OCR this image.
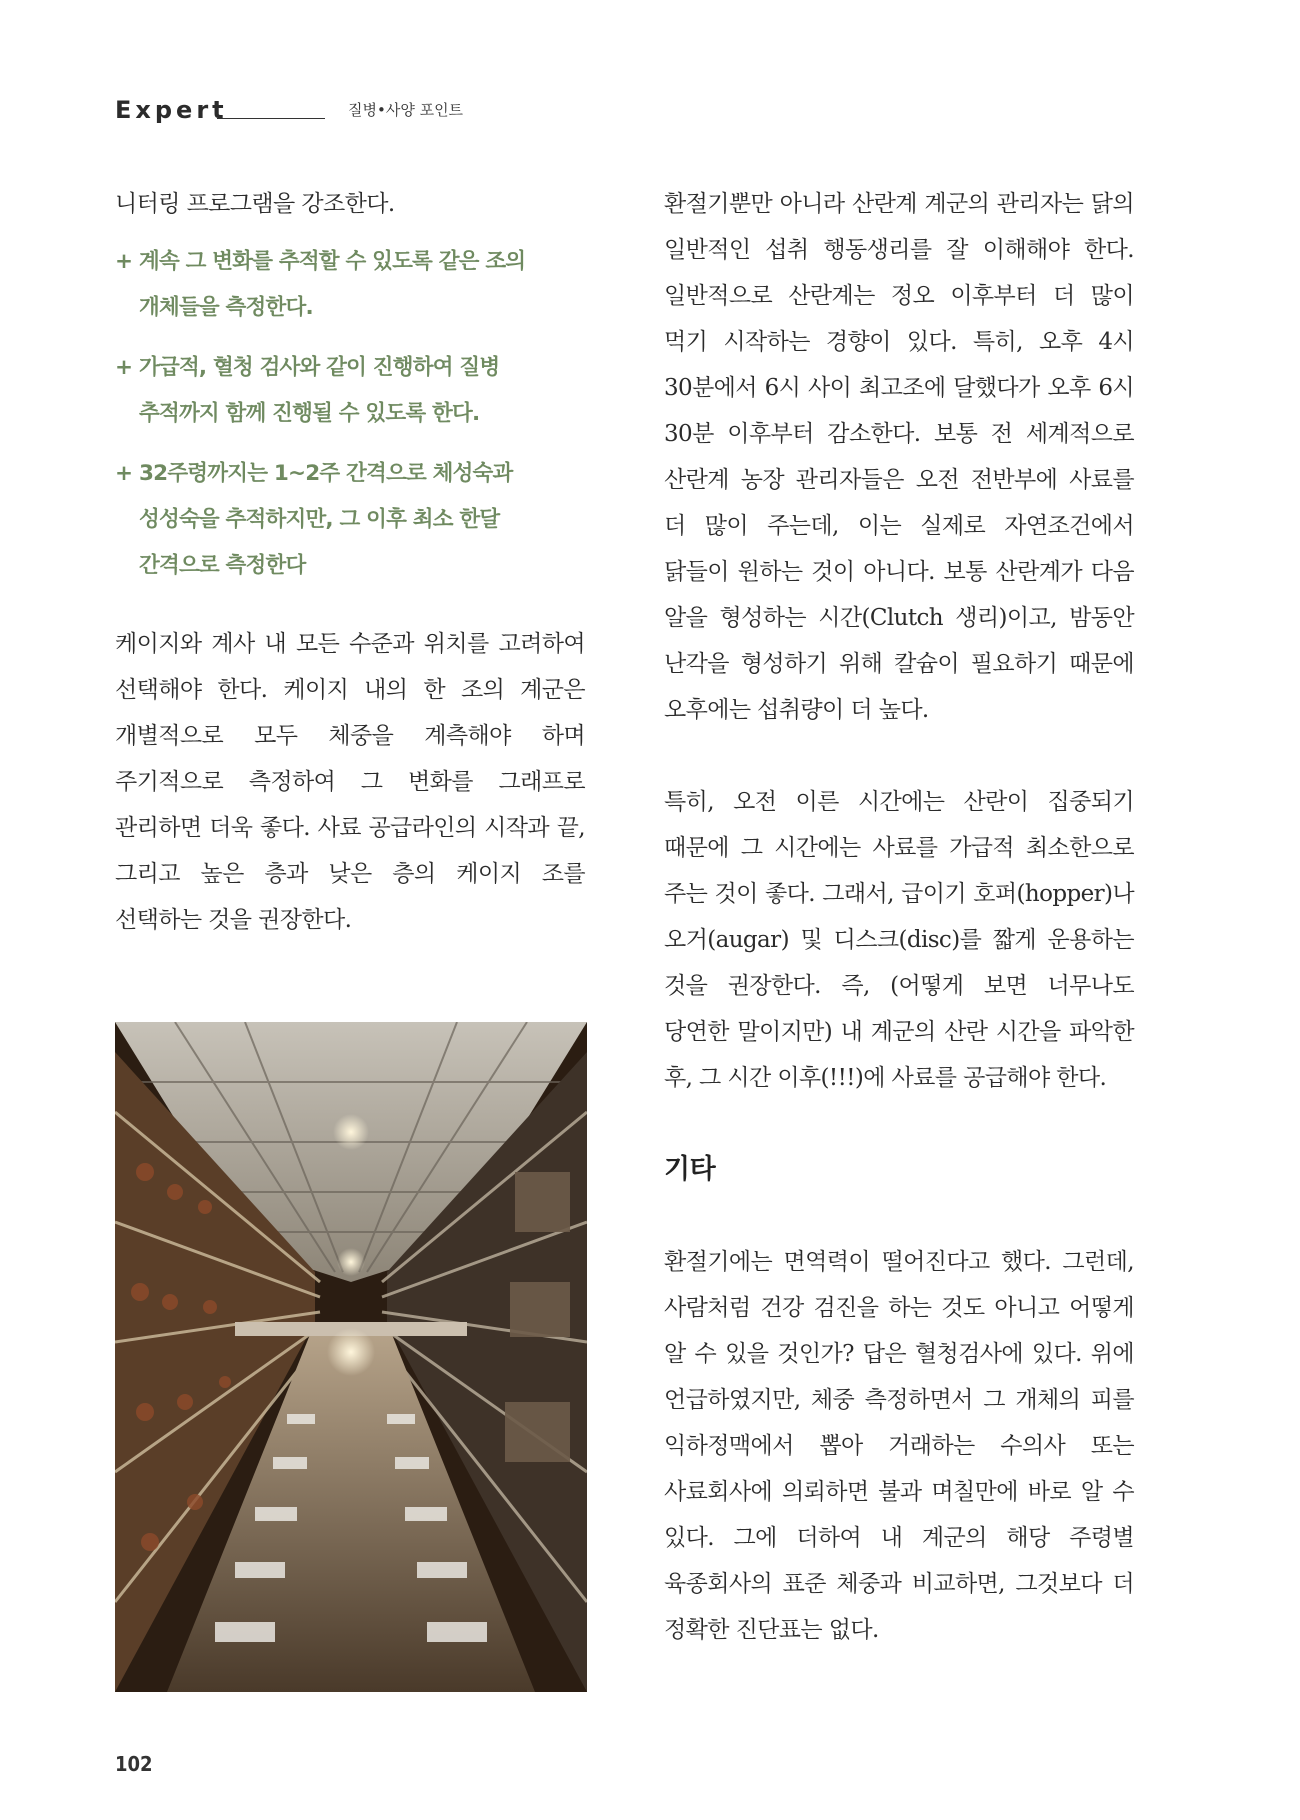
Expert	질병•사양 포인트

니터링 프로그램을 강조한다.

+ 계속 그 변화를 추적할 수 있도록 같은 조의 개체들을 측정한다.
+ 가급적, 혈청 검사와 같이 진행하여 질병 추적까지 함께 진행될 수 있도록 한다.
+ 32주령까지는 1~2주 간격으로 체성숙과 성성숙을 추적하지만, 그 이후 최소 한달 간격으로 측정한다

케이지와 계사 내 모든 수준과 위치를 고려하여 선택해야 한다. 케이지 내의 한 조의 계군은 개별적으로 모두 체중을 계측해야 하며 주기적으로 측정하여 그 변화를 그래프로 관리하면 더욱 좋다. 사료 공급라인의 시작과 끝, 그리고 높은 층과 낮은 층의 케이지 조를 선택하는 것을 권장한다.

환절기뿐만 아니라 산란계 계군의 관리자는 닭의 일반적인 섭취 행동생리를 잘 이해해야 한다. 일반적으로 산란계는 정오 이후부터 더 많이 먹기 시작하는 경향이 있다. 특히, 오후 4시 30분에서 6시 사이 최고조에 달했다가 오후 6시 30분 이후부터 감소한다. 보통 전 세계적으로 산란계 농장 관리자들은 오전 전반부에 사료를 더 많이 주는데, 이는 실제로 자연조건에서 닭들이 원하는 것이 아니다. 보통 산란계가 다음 알을 형성하는 시간(Clutch 생리)이고, 밤동안 난각을 형성하기 위해 칼슘이 필요하기 때문에 오후에는 섭취량이 더 높다.

특히, 오전 이른 시간에는 산란이 집중되기 때문에 그 시간에는 사료를 가급적 최소한으로 주는 것이 좋다. 그래서, 급이기 호퍼(hopper)나 오거(augar) 및 디스크(disc)를 짧게 운용하는 것을 권장한다. 즉, (어떻게 보면 너무나도 당연한 말이지만) 내 계군의 산란 시간을 파악한 후, 그 시간 이후(!!!)에 사료를 공급해야 한다.

기타

환절기에는 면역력이 떨어진다고 했다. 그런데, 사람처럼 건강 검진을 하는 것도 아니고 어떻게 알 수 있을 것인가? 답은 혈청검사에 있다. 위에 언급하였지만, 체중 측정하면서 그 개체의 피를 익하정맥에서 뽑아 거래하는 수의사 또는 사료회사에 의뢰하면 불과 며칠만에 바로 알 수 있다. 그에 더하여 내 계군의 해당 주령별 육종회사의 표준 체중과 비교하면, 그것보다 더 정확한 진단표는 없다.

102
